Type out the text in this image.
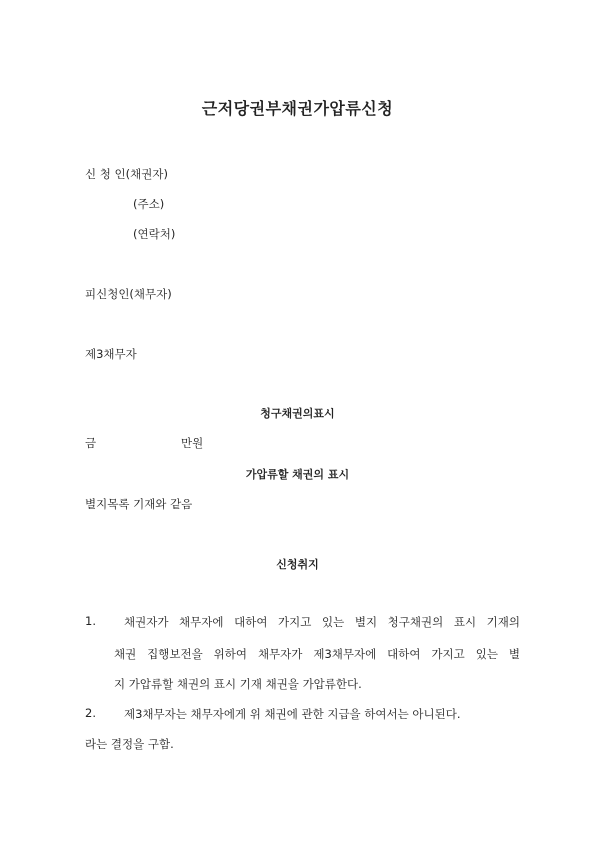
근저당권부채권가압류신청
신 청 인(채권자)
(주소)
(연락처)
피신청인(채무자)
제3채무자
청구채권의표시
금	만원
가압류할 채권의 표시
별지목록 기재와 같음
신청취지
1. 채권자가 채무자에 대하여 가지고 있는 별지 청구채권의 표시 기재의
채권 집행보전을 위하여 채무자가 제3채무자에 대하여 가지고 있는 별
지 가압류할 채권의 표시 기재 채권을 가압류한다.
2. 제3채무자는 채무자에게 위 채권에 관한 지급을 하여서는 아니된다.
라는 결정을 구함.
